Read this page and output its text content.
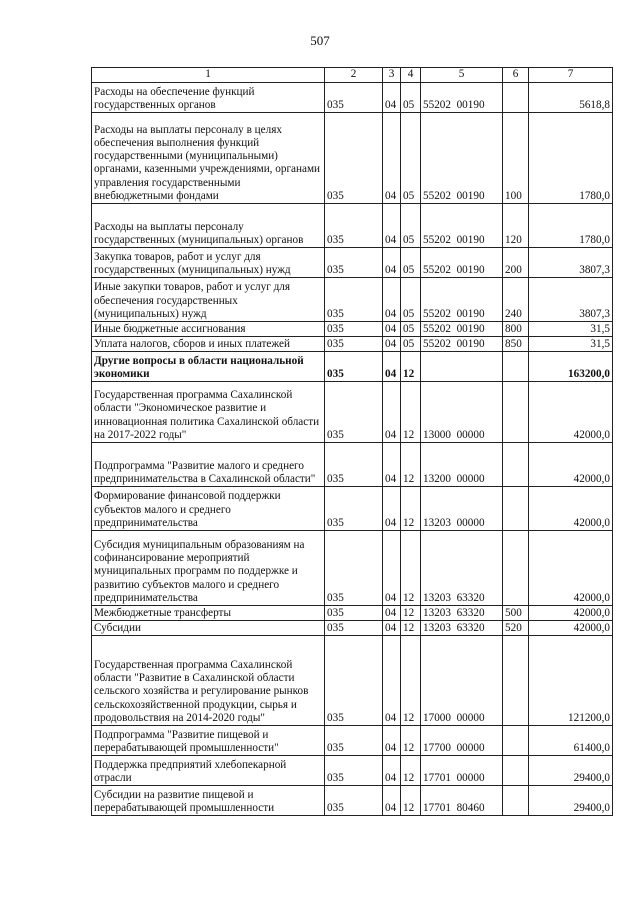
507
1	2	3	4	5	6	7
Расходы на обеспечение функций государственных органов	035	04	05	55202  00190		5618,8
Расходы на выплаты персоналу в целях обеспечения выполнения функций государственными (муниципальными) органами, казенными учреждениями, органами управления государственными внебюджетными фондами	035	04	05	55202  00190	100	1780,0
Расходы на выплаты персоналу государственных (муниципальных) органов	035	04	05	55202  00190	120	1780,0
Закупка товаров, работ и услуг для государственных (муниципальных) нужд	035	04	05	55202  00190	200	3807,3
Иные закупки товаров, работ и услуг для обеспечения государственных (муниципальных) нужд	035	04	05	55202  00190	240	3807,3
Иные бюджетные ассигнования	035	04	05	55202  00190	800	31,5
Уплата налогов, сборов и иных платежей	035	04	05	55202  00190	850	31,5
Другие вопросы в области национальной экономики	035	04	12			163200,0
Государственная программа Сахалинской области "Экономическое развитие и инновационная политика Сахалинской области на 2017-2022 годы"	035	04	12	13000  00000		42000,0
Подпрограмма "Развитие малого и среднего предпринимательства в Сахалинской области"	035	04	12	13200  00000		42000,0
Формирование финансовой поддержки субъектов малого и среднего предпринимательства	035	04	12	13203  00000		42000,0
Субсидия муниципальным образованиям на софинансирование мероприятий муниципальных программ по поддержке и развитию субъектов малого и среднего предпринимательства	035	04	12	13203  63320		42000,0
Межбюджетные трансферты	035	04	12	13203  63320	500	42000,0
Субсидии	035	04	12	13203  63320	520	42000,0
Государственная программа Сахалинской области "Развитие в Сахалинской области сельского хозяйства и регулирование рынков сельскохозяйственной продукции, сырья и продовольствия на 2014-2020 годы"	035	04	12	17000  00000		121200,0
Подпрограмма "Развитие пищевой и перерабатывающей промышленности"	035	04	12	17700  00000		61400,0
Поддержка предприятий хлебопекарной отрасли	035	04	12	17701  00000		29400,0
Субсидии на развитие пищевой и перерабатывающей промышленности	035	04	12	17701  80460		29400,0
